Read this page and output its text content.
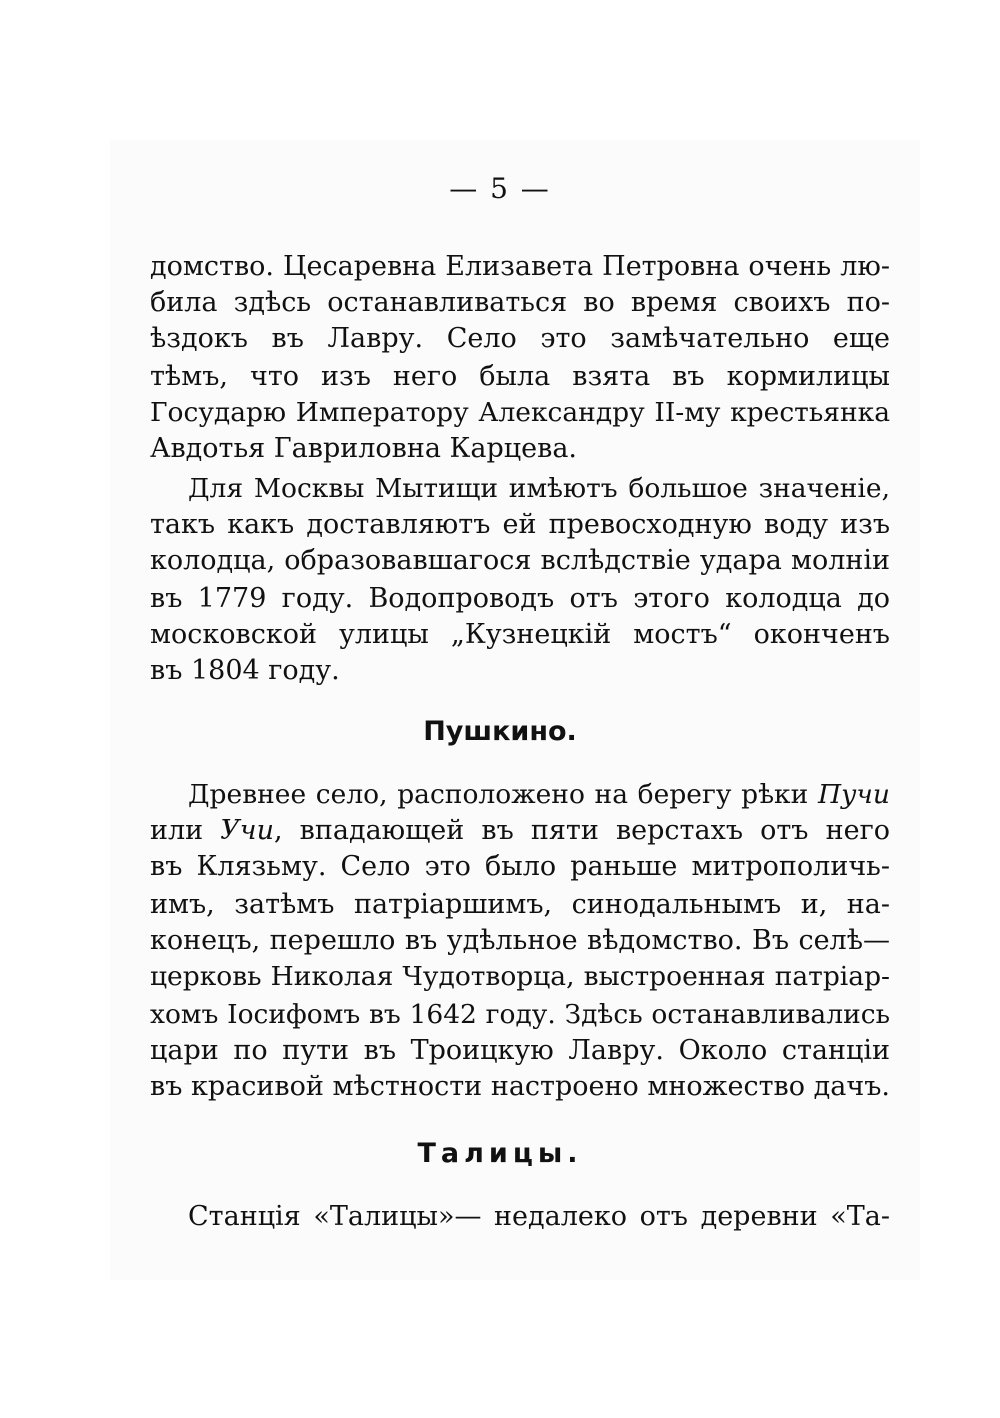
— 5 —
домство. Цесаревна Елизавета Петровна очень лю-
била здѣсь останавливаться во время своихъ по-
ѣздокъ въ Лавру. Село это замѣчательно еще
тѣмъ, что изъ него была взята въ кормилицы
Государю Императору Александру II-му крестьянка
Авдотья Гавриловна Карцева.
Для Москвы Мытищи имѣютъ большое значенiе,
такъ какъ доставляютъ ей превосходную воду изъ
колодца, образовавшагося вслѣдствiе удара молнiи
въ 1779 году. Водопроводъ отъ этого колодца до
московской улицы „Кузнецкiй мостъ“ оконченъ
въ 1804 году.
Пушкино.
Древнее село, расположено на берегу рѣки Пучи
или Учи, впадающей въ пяти верстахъ отъ него
въ Клязьму. Село это было раньше митрополичь-
имъ, затѣмъ патрiаршимъ, синодальнымъ и, на-
конецъ, перешло въ удѣльное вѣдомство. Въ селѣ—
церковь Николая Чудотворца, выстроенная патрiар-
хомъ Iосифомъ въ 1642 году. Здѣсь останавливались
цари по пути въ Троицкую Лавру. Около станцiи
въ красивой мѣстности настроено множество дачъ.
Талицы.
Станцiя «Талицы»— недалеко отъ деревни «Та-
